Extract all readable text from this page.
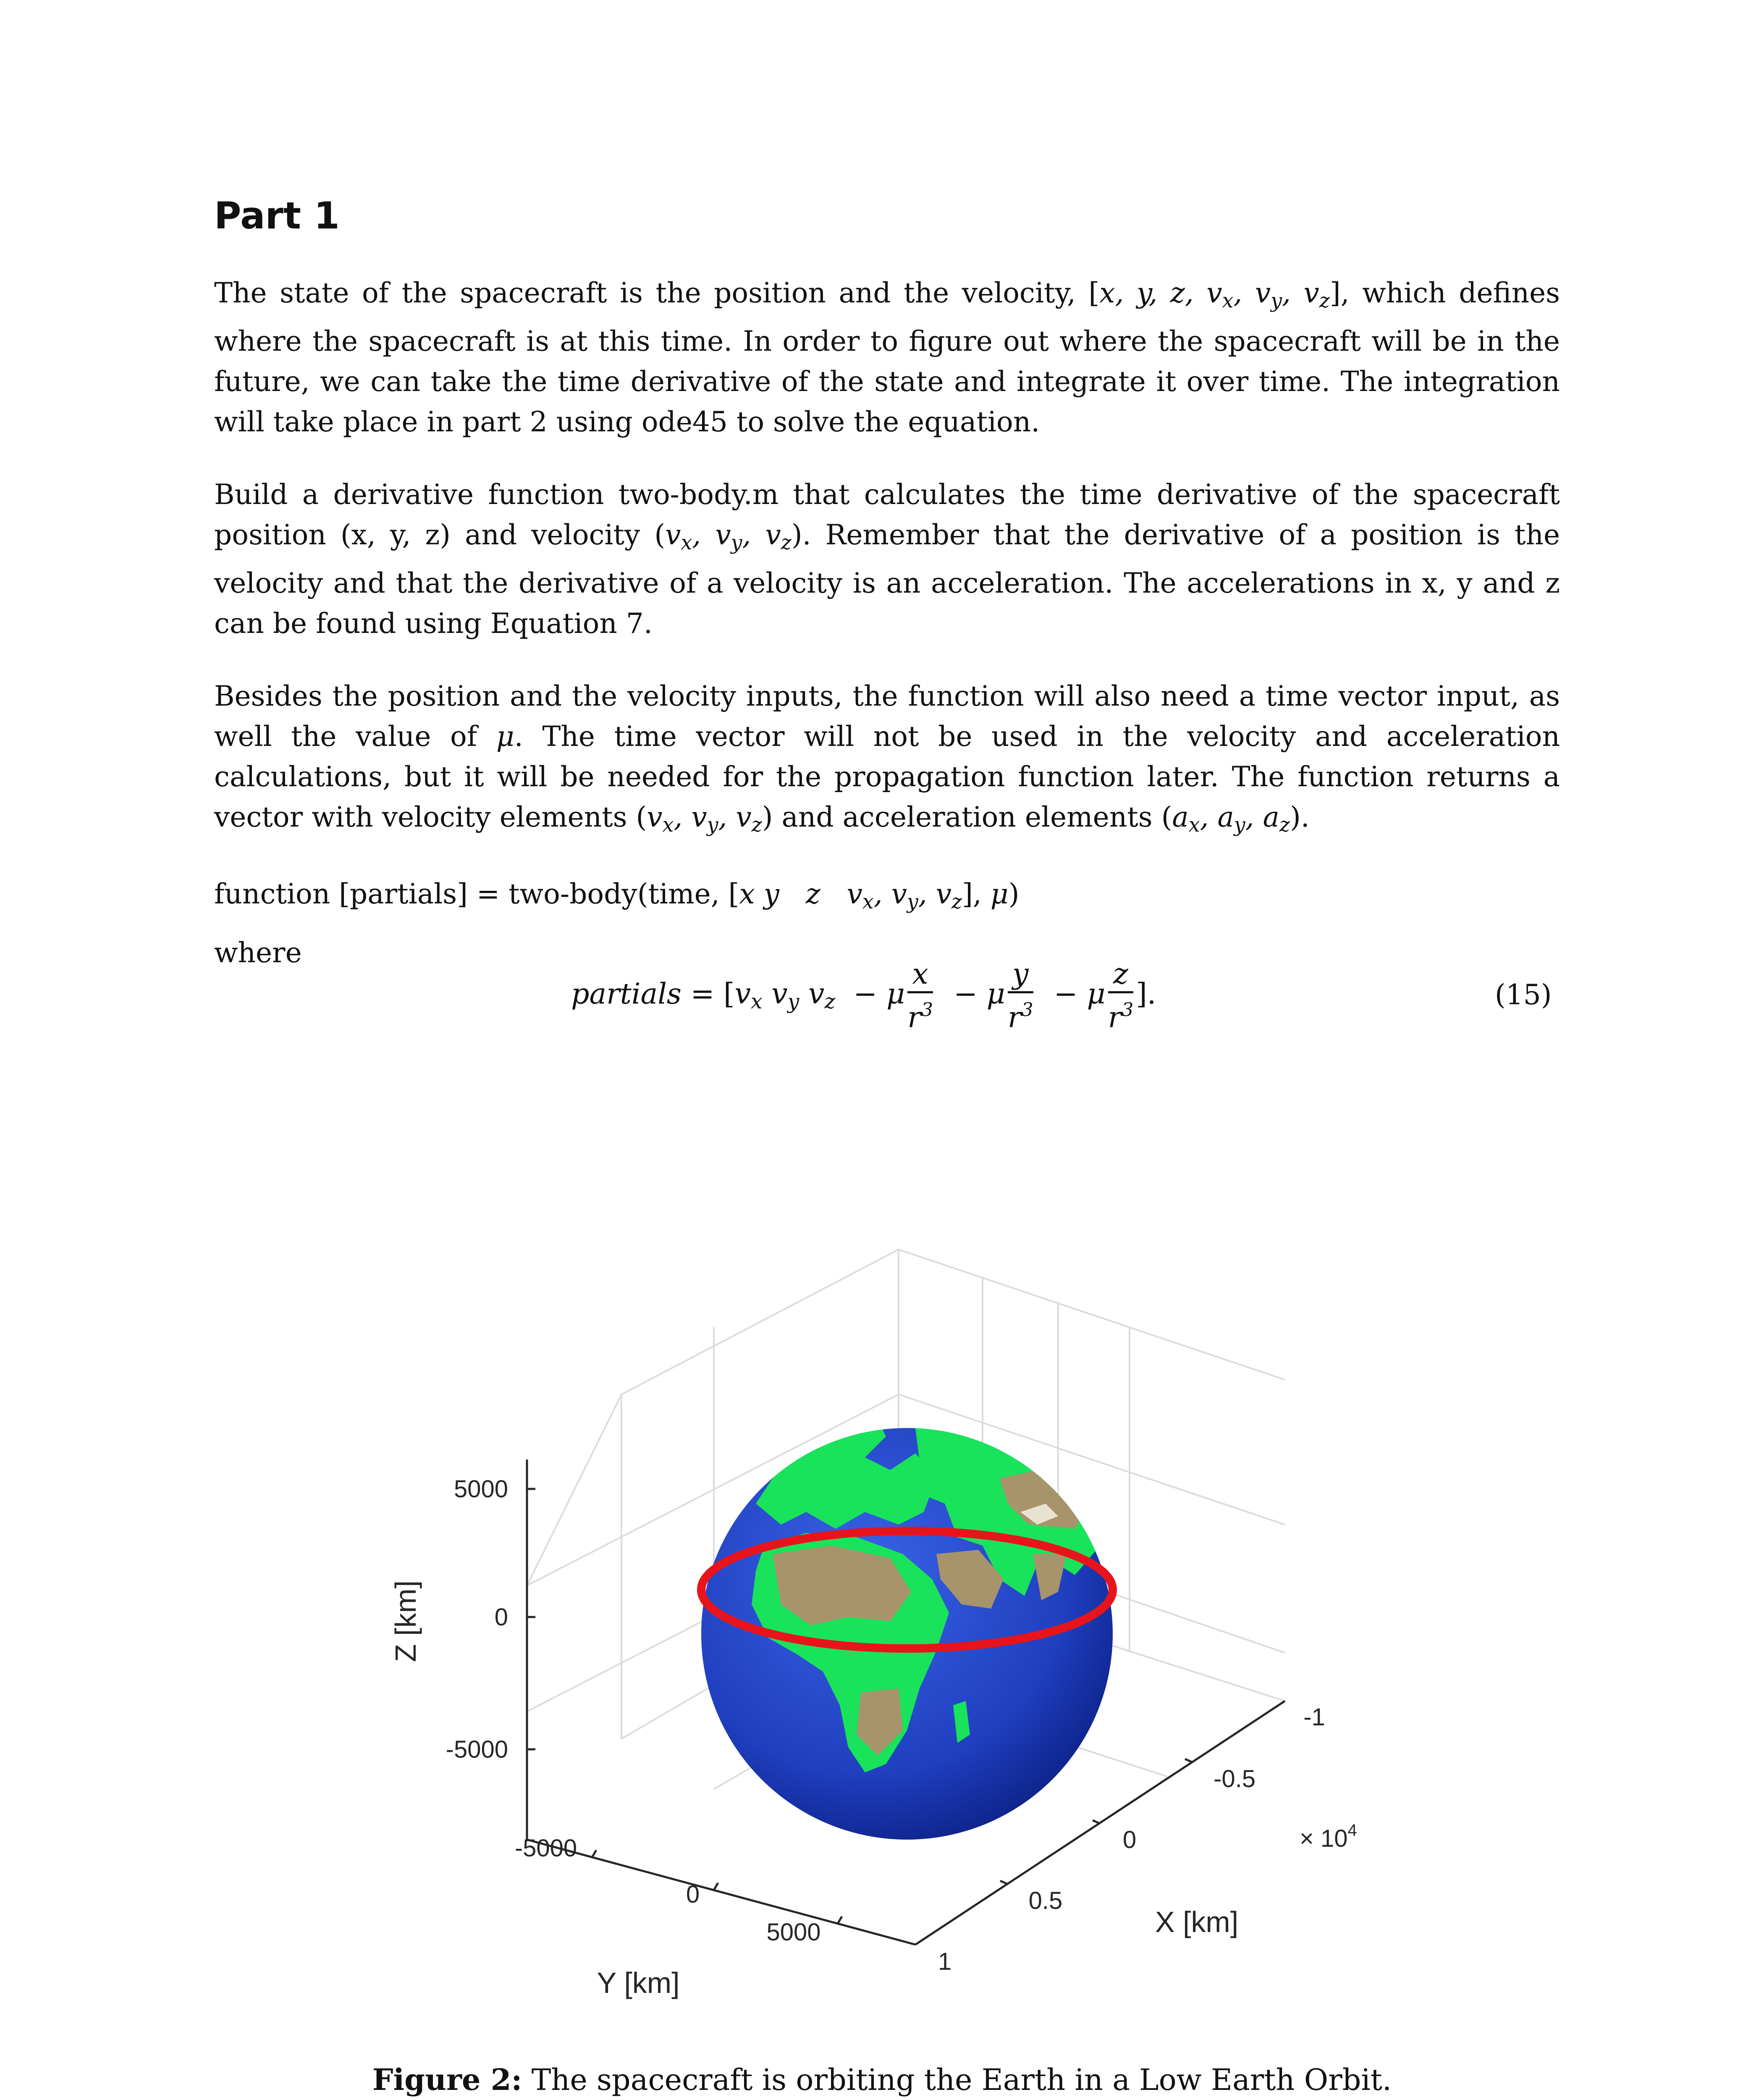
Part 1

The state of the spacecraft is the position and the velocity, [x, y, z, $v_x$, $v_y$, $v_z$], which defines where the spacecraft is at this time. In order to figure out where the spacecraft will be in the future, we can take the time derivative of the state and integrate it over time. The integration will take place in part 2 using ode45 to solve the equation.

Build a derivative function two-body.m that calculates the time derivative of the spacecraft position (x, y, z) and velocity ($v_x$, $v_y$, $v_z$). Remember that the derivative of a position is the velocity and that the derivative of a velocity is an acceleration. The accelerations in x, y and z can be found using Equation 7.

Besides the position and the velocity inputs, the function will also need a time vector input, as well the value of μ. The time vector will not be used in the velocity and acceleration calculations, but it will be needed for the propagation function later. The function returns a vector with velocity elements ($v_x$, $v_y$, $v_z$) and acceleration elements ($a_x$, $a_y$, $a_z$).

function [partials] = two-body(time, [x y   z   $v_x$, $v_y$, $v_z$], μ)

where

partials = [$v_x$ $v_y$ $v_z - \mu \frac{x}{r^3} - \mu \frac{y}{r^3} - \mu \frac{z}{r^3}$ ].	(15)
5000
0
-5000
-5000
0
5000
1
0.5
0
-0.5
-1
× $10^4$
Y [km]
X [km]
Z [km]

Figure 2: The spacecraft is orbiting the Earth in a Low Earth Orbit.
